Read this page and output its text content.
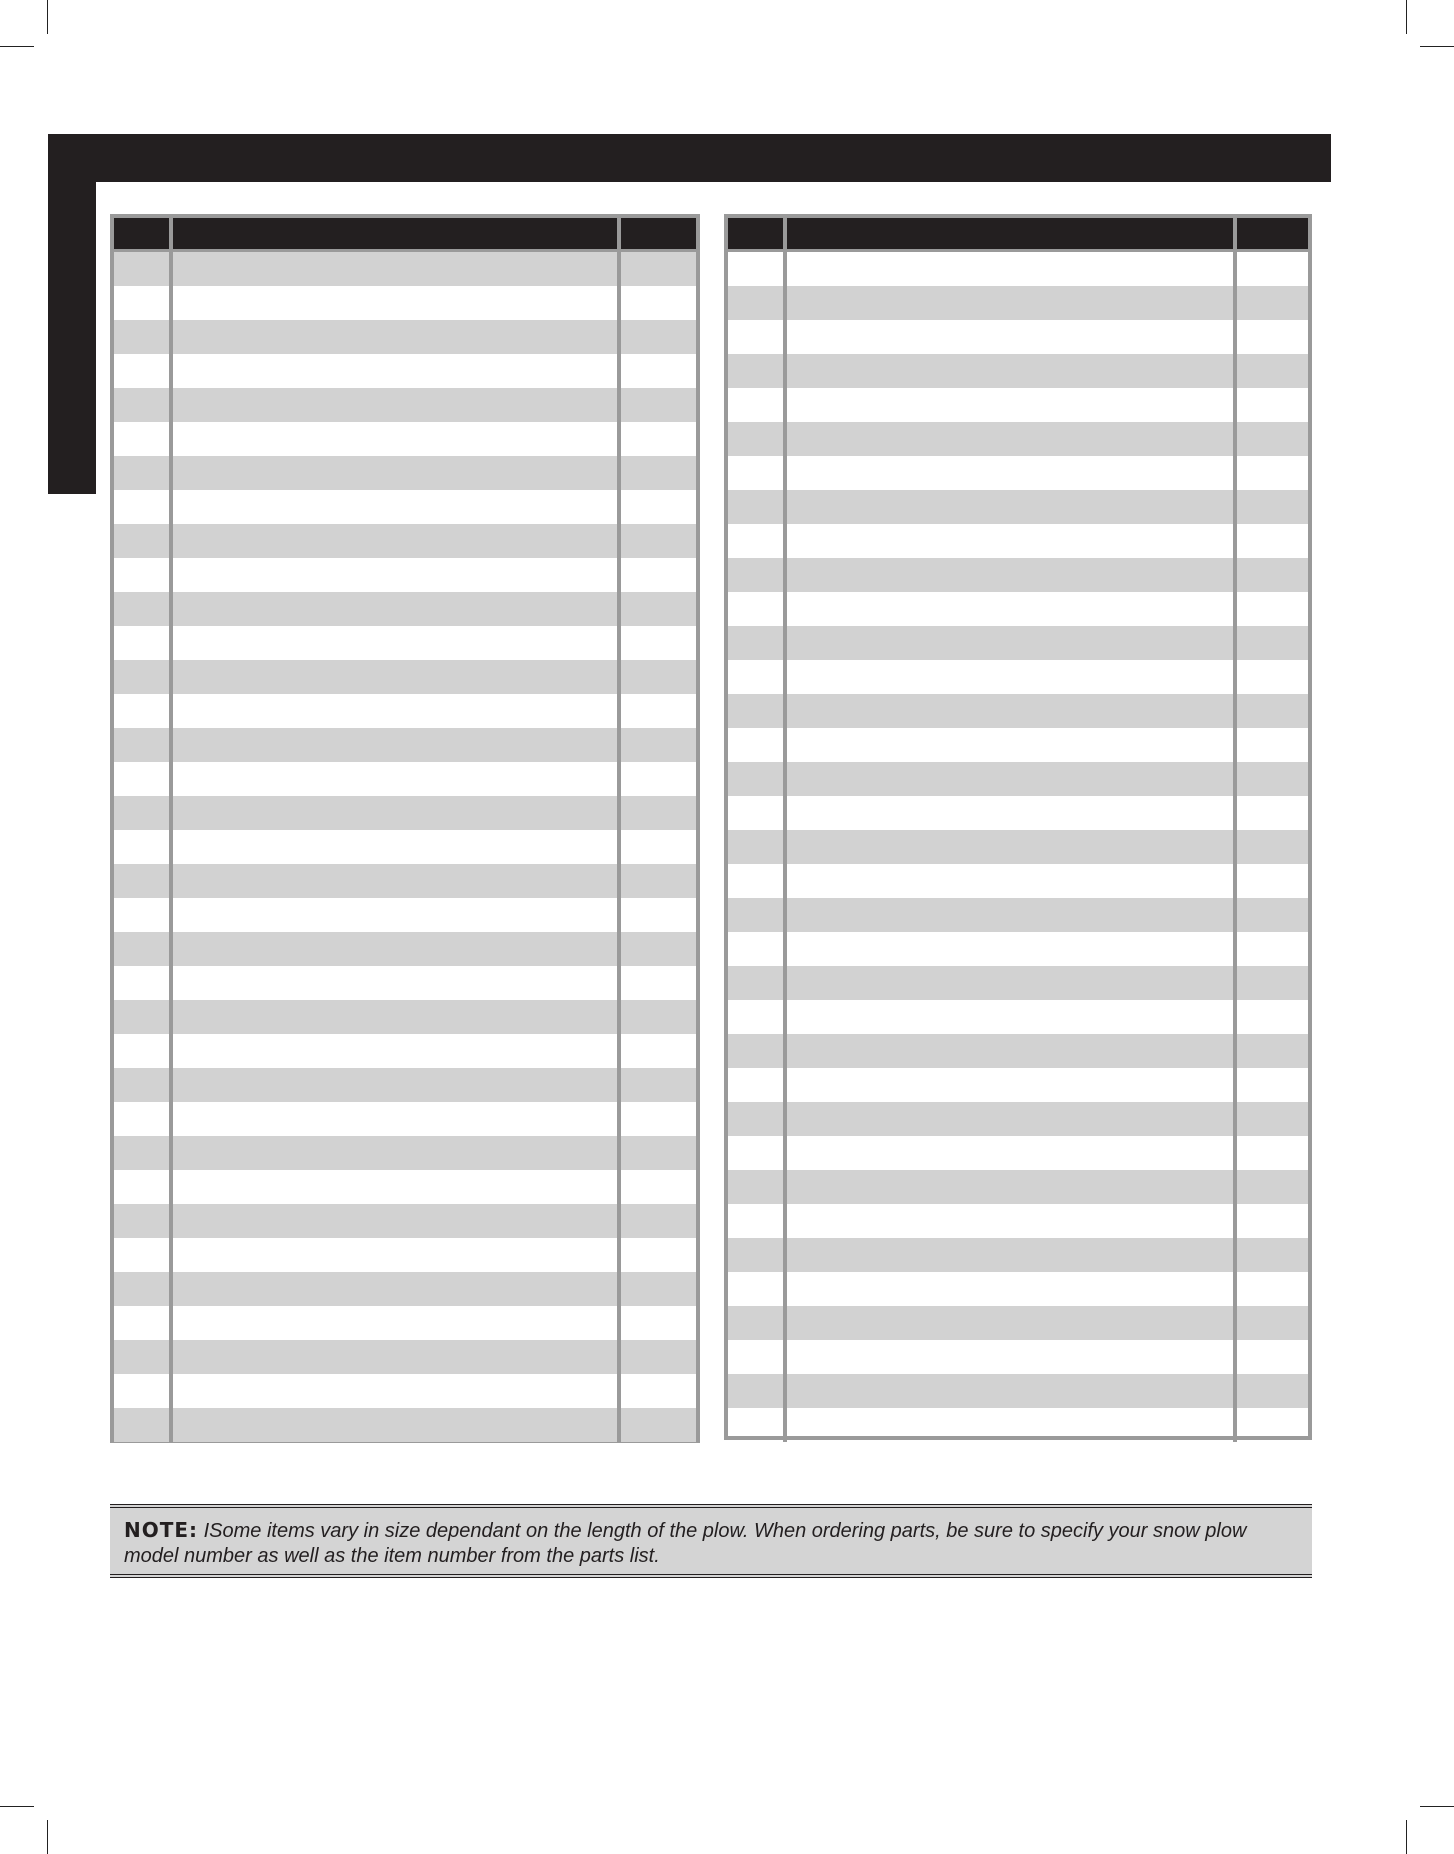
NOTE: ISome items vary in size dependant on the length of the plow. When ordering parts, be sure to specify your snow plow model number as well as the item number from the parts list.
